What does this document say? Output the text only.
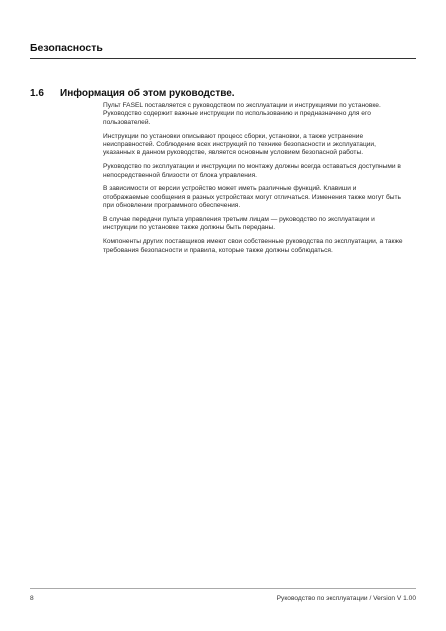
Безопасность
1.6 Информация об этом руководстве.

Пульт FASEL поставляется с руководством по эксплуатации и инструкциями по установке. Руководство содержит важные инструкции по использованию и предназначено для его пользователей.

Инструкции по установки описывают процесс сборки, установки, а также устранение неисправностей. Соблюдение всех инструкций по технике безопасности и эксплуатации, указанных в данном руководстве, является основным условием безопасной работы.

Руководство по эксплуатации и инструкции по монтажу должны всегда оставаться доступными в непосредственной близости от блока управления.

В зависимости от версии устройство может иметь различные функций. Клавиши и отображаемые сообщения в разных устройствах могут отличаться. Изменения также могут быть при обновлении программного обеспечения.

В случае передачи пульта управления третьим лицам — руководство по эксплуатации и инструкции по установке также должны быть переданы.

Компоненты других поставщиков имеют свои собственные руководства по эксплуатации, а также требования безопасности и правила, которые также должны соблюдаться.

8	Руководство по эксплуатации / Version V 1.00
